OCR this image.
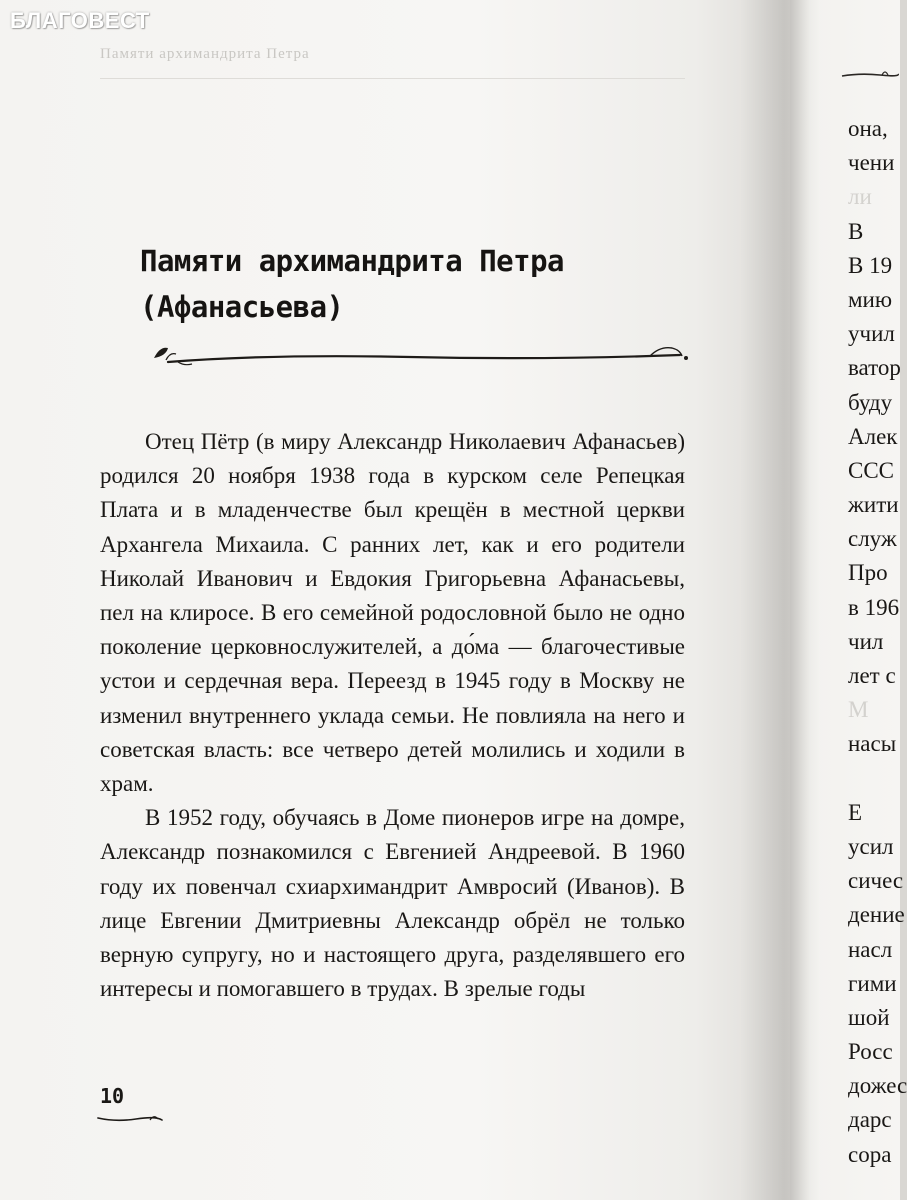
БЛАГОВЕСТ
Памяти архимандрита Петра
Памяти архимандрита Петра
(Афанасьева)

Отец Пётр (в миру Александр Николаевич Афанасьев) родился 20 ноября 1938 года в курском селе Репецкая Плата и в младенчестве был крещён в местной церкви Архангела Михаила. С ранних лет, как и его родители Николай Иванович и Евдокия Григорьевна Афанасьевы, пел на клиросе. В его семейной родословной было не одно поколение церковнослужителей, а до́ма — благочестивые устои и сердечная вера. Переезд в 1945 году в Москву не изменил внутреннего уклада семьи. Не повлияла на него и советская власть: все четверо детей молились и ходили в храм.

В 1952 году, обучаясь в Доме пионеров игре на домре, Александр познакомился с Евгенией Андреевой. В 1960 году их повенчал схиархимандрит Амвросий (Иванов). В лице Евгении Дмитриевны Александр обрёл не только верную супругу, но и настоящего друга, разделявшего его интересы и помогавшего в трудах. В зрелые годы

10
она,
чени
ли
В
В 19
мию
учил
ватор
буду
Алек
ССС
жити
служ
Про
в 196
чил
лет с
М
насы
Е
усил
сичес
дение
насл
гими
шой
Росс
дожес
дарс
сора
